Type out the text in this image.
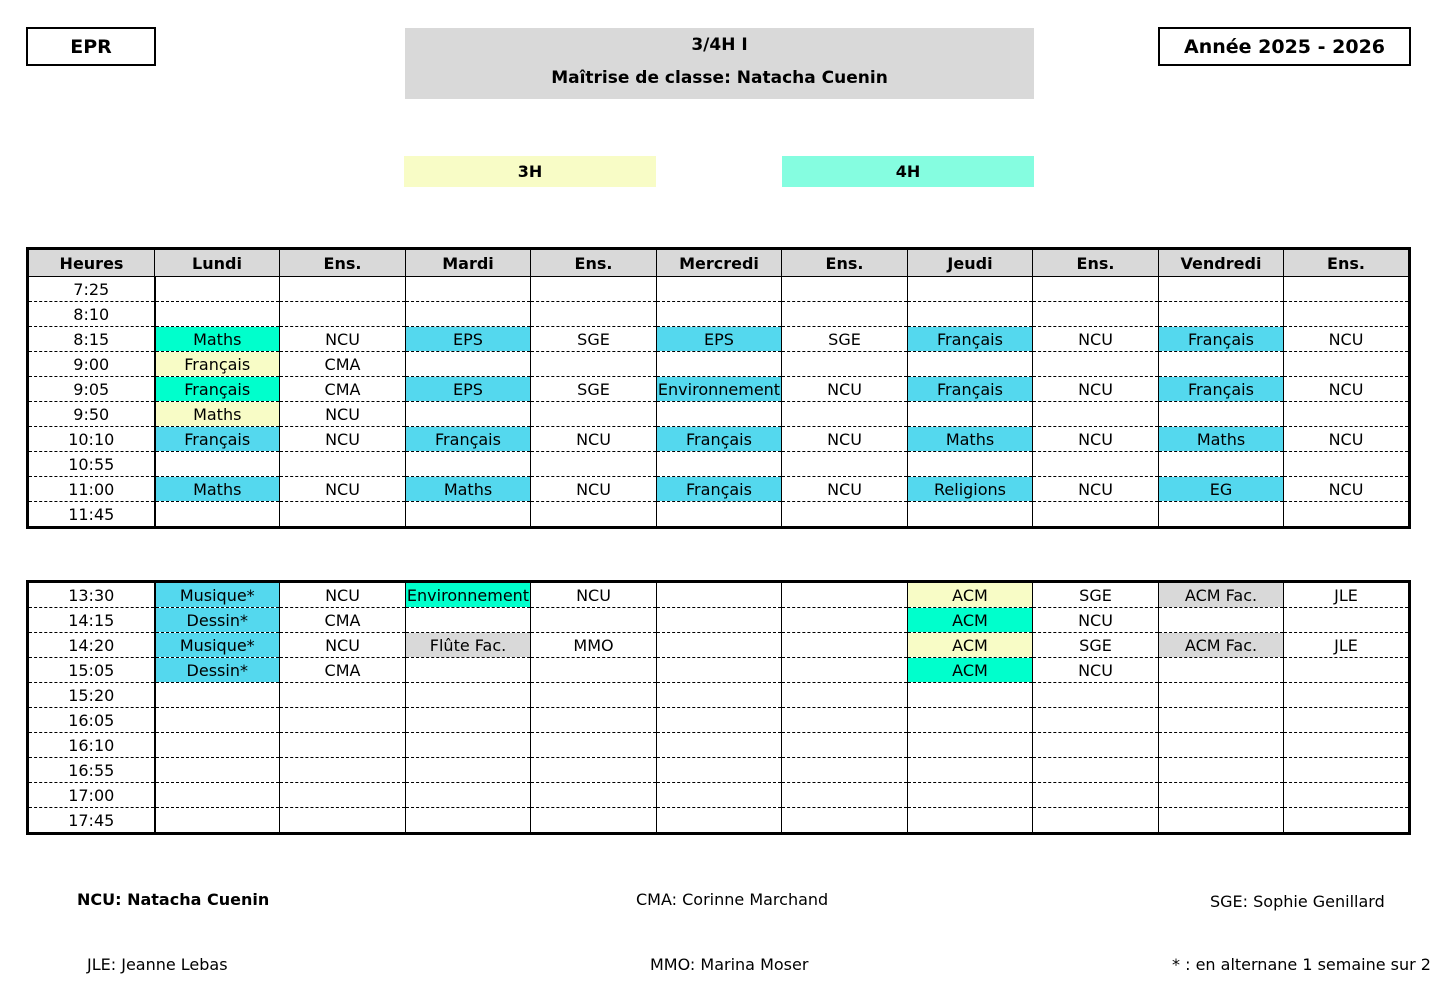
EPR	3/4H I
Maîtrise de classe: Natacha Cuenin
Année 2025 - 2026
3H	4H
Heures	Lundi	Ens.	Mardi	Ens.	Mercredi	Ens.	Jeudi	Ens.	Vendredi	Ens.
7:25										
8:10										
8:15	Maths	NCU	EPS	SGE	EPS	SGE	Français	NCU	Français	NCU
9:00	Français	CMA								
9:05	Français	CMA	EPS	SGE	Environnement	NCU	Français	NCU	Français	NCU
9:50	Maths	NCU								
10:10	Français	NCU	Français	NCU	Français	NCU	Maths	NCU	Maths	NCU
10:55										
11:00	Maths	NCU	Maths	NCU	Français	NCU	Religions	NCU	EG	NCU
11:45										
13:30	Musique*	NCU	Environnement	NCU			ACM	SGE	ACM Fac.	JLE
14:15	Dessin*	CMA					ACM	NCU		
14:20	Musique*	NCU	Flûte Fac.	MMO			ACM	SGE	ACM Fac.	JLE
15:05	Dessin*	CMA					ACM	NCU		
15:20										
16:05										
16:10										
16:55										
17:00										
17:45										
NCU: Natacha Cuenin	CMA: Corinne Marchand	SGE: Sophie Genillard
JLE: Jeanne Lebas	MMO: Marina Moser	* : en alternane 1 semaine sur 2
